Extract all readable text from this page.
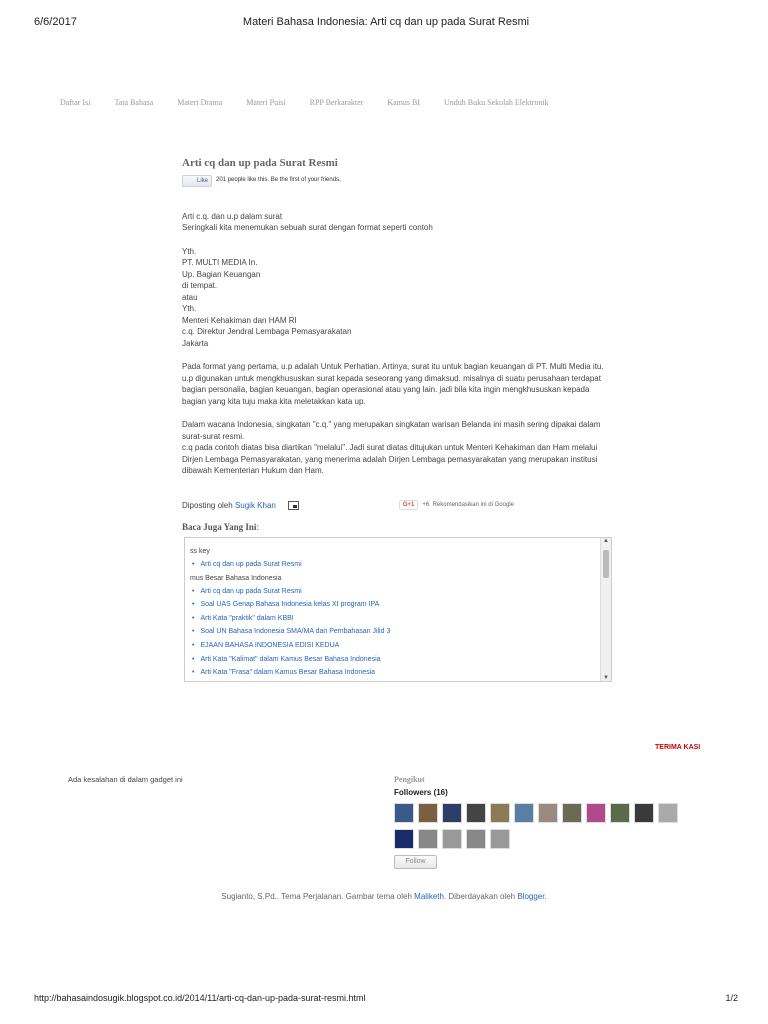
6/6/2017	Materi Bahasa Indonesia: Arti cq dan up pada Surat Resmi
Daftar Isi	Tata Bahasa	Materi Drama	Materi Puisi	RPP Berkarakter	Kamus BI	Unduh Buku Sekolah Elektronik
Arti cq dan up pada Surat Resmi
Like	201 people like this. Be the first of your friends.
Arti c.q. dan u.p dalam surat
Seringkali kita menemukan sebuah surat dengan format seperti contoh
Yth.
PT. MULTI MEDIA In.
Up. Bagian Keuangan
di tempat.
atau
Yth.
Menteri Kehakiman dan HAM RI
c.q. Direktur Jendral Lembaga Pemasyarakatan
Jakarta
Pada format yang pertama, u.p adalah Untuk Perhatian. Artinya, surat itu untuk bagian keuangan di PT. Multi Media itu.
u.p digunakan untuk mengkhususkan surat kepada seseorang yang dimaksud. misalnya di suatu perusahaan terdapat bagian personalia, bagian keuangan, bagian operasional atau yang lain. jadi bila kita ingin mengkhususkan kepada bagian yang kita tuju maka kita meletakkan kata up.
Dalam wacana Indonesia, singkatan "c.q." yang merupakan singkatan warisan Belanda ini masih sering dipakai dalam surat-surat resmi.
c.q pada contoh diatas bisa diartikan "melalui". Jadi surat diatas ditujukan untuk Menteri Kehakiman dan Ham melalui Dirjen Lembaga Pemasyarakatan, yang menerima adalah Dirjen Lembaga pemasyarakatan yang merupakan institusi dibawah Kementerian Hukum dan Ham.
Diposting oleh
Sugik Khan	G+1	+6
Rekomendasikan ini di Google
Baca Juga Yang Ini:
ss key
• Arti cq dan up pada Surat Resmi
mus Besar Bahasa Indonesia
• Arti cq dan up pada Surat Resmi
• Soal UAS Genap Bahasa Indonesia kelas XI program IPA
• Arti Kata "praktik" dalam KBBI
• Soal UN Bahasa Indonesia SMA/MA dan Pembahasan Jilid 3
• EJAAN BAHASA INDONESIA EDISI KEDUA
• Arti Kata "Kalimat" dalam Kamus Besar Bahasa Indonesia
• Arti Kata "Frasa" dalam Kamus Besar Bahasa Indonesia
▲
▼
TERIMA KASI
Ada kesalahan di dalam gadget ini	Pengikut
Followers (16)
Follow
Sugianto, S.Pd.. Tema Perjalanan. Gambar tema oleh Maliketh. Diberdayakan oleh Blogger.
http://bahasaindosugik.blogspot.co.id/2014/11/arti-cq-dan-up-pada-surat-resmi.html	1/2
